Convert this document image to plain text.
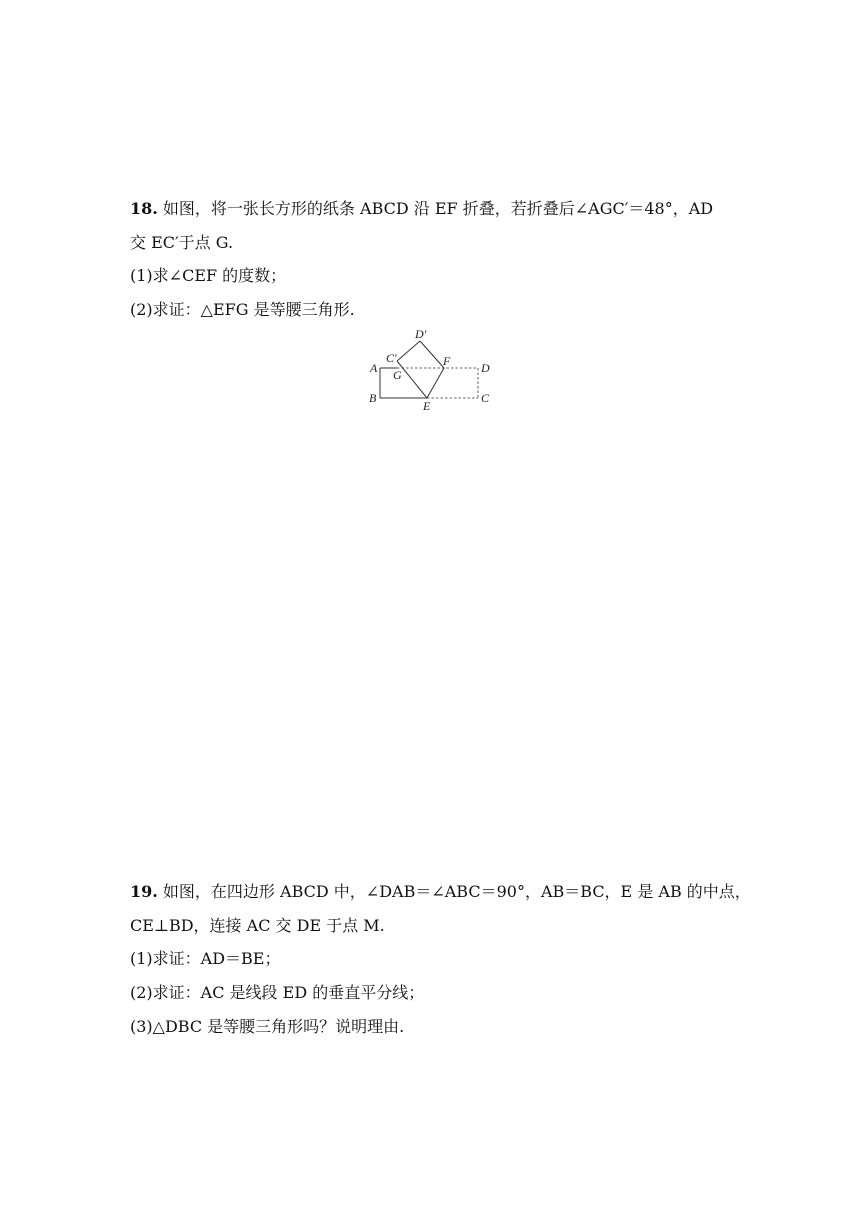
18. 如图，将一张长方形的纸条 ABCD 沿 EF 折叠，若折叠后∠AGC′＝48°，AD
交 EC′于点 G.
(1)求∠CEF 的度数；
(2)求证：△EFG 是等腰三角形.
A
B	C
D
E
F
G
C′
D′
19. 如图，在四边形 ABCD 中，∠DAB＝∠ABC＝90°，AB＝BC，E 是 AB 的中点，
CE⊥BD，连接 AC 交 DE 于点 M.
(1)求证：AD＝BE；
(2)求证：AC 是线段 ED 的垂直平分线；
(3)△DBC 是等腰三角形吗？说明理由.
